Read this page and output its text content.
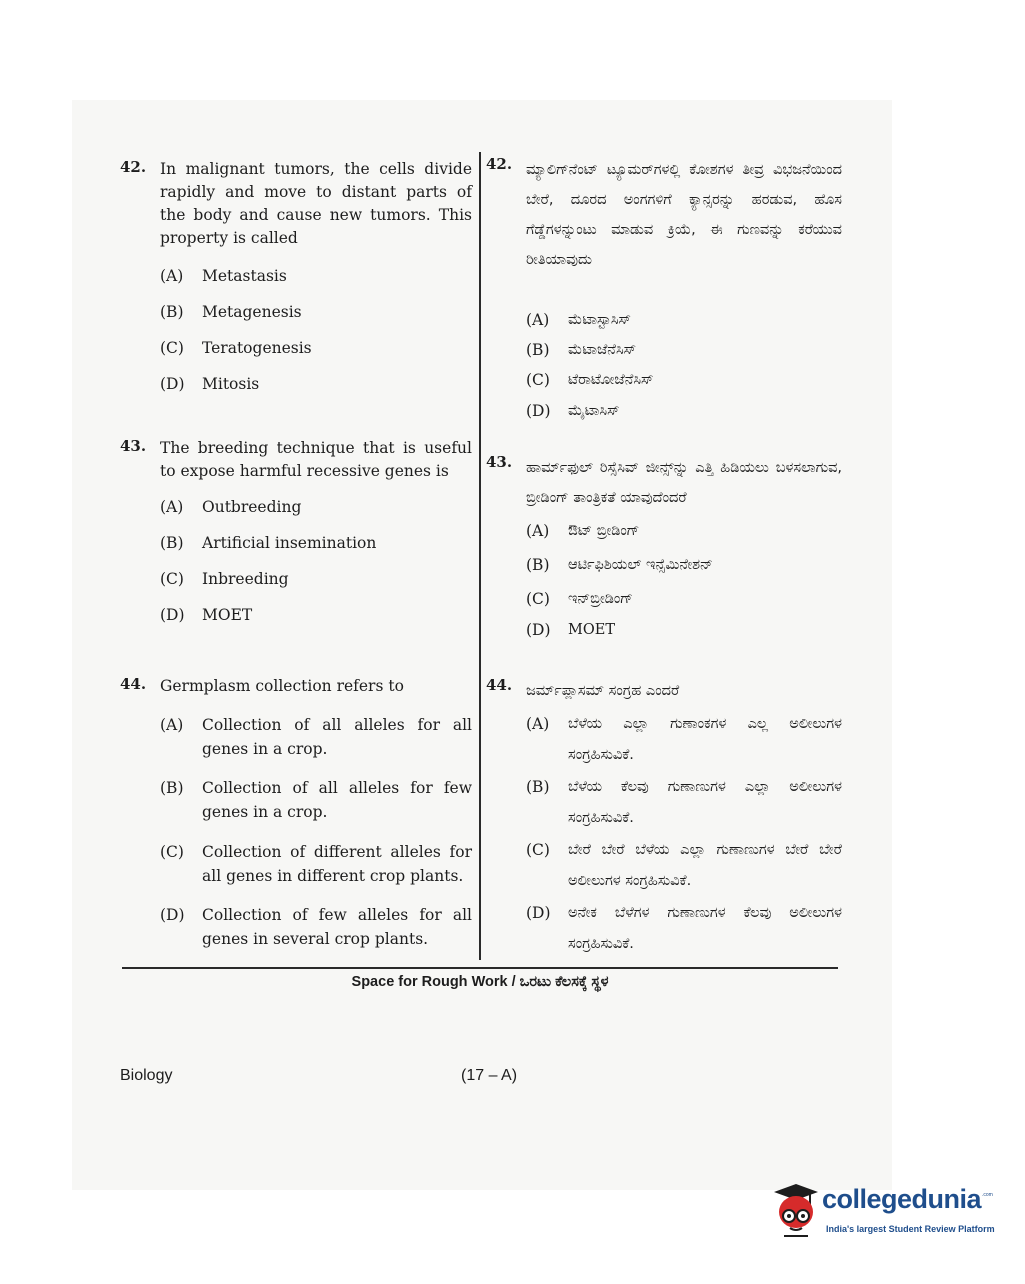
42. In malignant tumors, the cells divide rapidly and move to distant parts of the body and cause new tumors. This property is called
(A) Metastasis
(B) Metagenesis
(C) Teratogenesis
(D) Mitosis
43. The breeding technique that is useful to expose harmful recessive genes is
(A) Outbreeding
(B) Artificial insemination
(C) Inbreeding
(D) MOET
44. Germplasm collection refers to
(A) Collection of all alleles for all genes in a crop.
(B) Collection of all alleles for few genes in a crop.
(C) Collection of different alleles for all genes in different crop plants.
(D) Collection of few alleles for all genes in several crop plants.
42. ಮ್ಯಾಲಿಗ್‌ನೆಂಟ್ ಟ್ಯೂಮರ್‌ಗಳಲ್ಲಿ ಕೋಶಗಳ ತೀವ್ರ ವಿಭಜನೆಯಿಂದ ಬೇರೆ, ದೂರದ ಅಂಗಗಳಿಗೆ ಕ್ಯಾನ್ಸರನ್ನು ಹರಡುವ, ಹೊಸ ಗೆಡ್ಡೆಗಳನ್ನುಂಟು ಮಾಡುವ ಕ್ರಿಯೆ, ಈ ಗುಣವನ್ನು ಕರೆಯುವ ರೀತಿಯಾವುದು
(A) ಮೆಟಾಸ್ಟಾಸಿಸ್
(B) ಮೆಟಾಜೆನೆಸಿಸ್
(C) ಟೆರಾಟೋಜೆನೆಸಿಸ್
(D) ಮೈಟಾಸಿಸ್
43. ಹಾರ್ಮ್‌ಫುಲ್ ರಿಸ್ಸೆಸಿವ್ ಜೀನ್ಸ್‌ನ್ನು ಎತ್ತಿ ಹಿಡಿಯಲು ಬಳಸಲಾಗುವ, ಬ್ರೀಡಿಂಗ್ ತಾಂತ್ರಿಕತೆ ಯಾವುದೆಂದರೆ
(A) ಔಟ್ ಬ್ರೀಡಿಂಗ್
(B) ಆರ್ಟಿಫಿಶಿಯಲ್ ಇನ್ಸೆಮಿನೇಶನ್
(C) ಇನ್‌ಬ್ರೀಡಿಂಗ್
(D) MOET
44. ಜರ್ಮ್‌ಪ್ಲಾಸಮ್ ಸಂಗ್ರಹ ಎಂದರೆ
(A) ಬೆಳೆಯ ಎಲ್ಲಾ ಗುಣಾಂಕಗಳ ಎಲ್ಲ ಅಲೀಲುಗಳ ಸಂಗ್ರಹಿಸುವಿಕೆ.
(B) ಬೆಳೆಯ ಕೆಲವು ಗುಣಾಣುಗಳ ಎಲ್ಲಾ ಅಲೀಲುಗಳ ಸಂಗ್ರಹಿಸುವಿಕೆ.
(C) ಬೇರೆ ಬೇರೆ ಬೆಳೆಯ ಎಲ್ಲಾ ಗುಣಾಣುಗಳ ಬೇರೆ ಬೇರೆ ಅಲೀಲುಗಳ ಸಂಗ್ರಹಿಸುವಿಕೆ.
(D) ಅನೇಕ ಬೆಳೆಗಳ ಗುಣಾಣುಗಳ ಕೆಲವು ಅಲೀಲುಗಳ ಸಂಗ್ರಹಿಸುವಿಕೆ.
Space for Rough Work / ಒರಟು ಕೆಲಸಕ್ಕೆ ಸ್ಥಳ
Biology	(17 – A)
collegedunia .com
India's largest Student Review Platform
